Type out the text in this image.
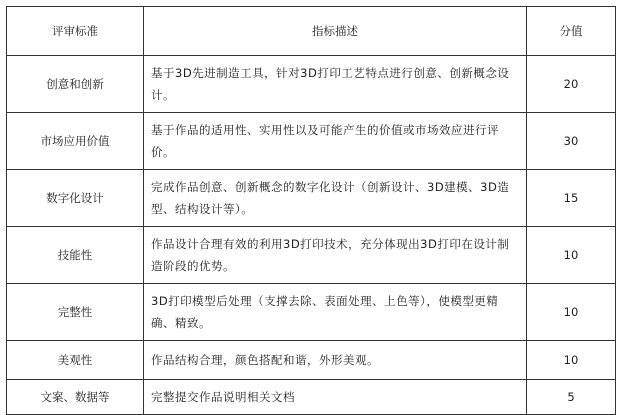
评审标准	指标描述	分值
创意和创新	基于3D先进制造工具，针对3D打印工艺特点进行创意、创新概念设计。	20
市场应用价值	基于作品的适用性、实用性以及可能产生的价值或市场效应进行评价。	30
数字化设计	完成作品创意、创新概念的数字化设计（创新设计、3D建模、3D造型、结构设计等）。	15
技能性	作品设计合理有效的利用3D打印技术，充分体现出3D打印在设计制造阶段的优势。	10
完整性	3D打印模型后处理（支撑去除、表面处理、上色等），使模型更精确、精致。	10
美观性	作品结构合理，颜色搭配和谐，外形美观。	10
文案、数据等	完整提交作品说明相关文档	5
